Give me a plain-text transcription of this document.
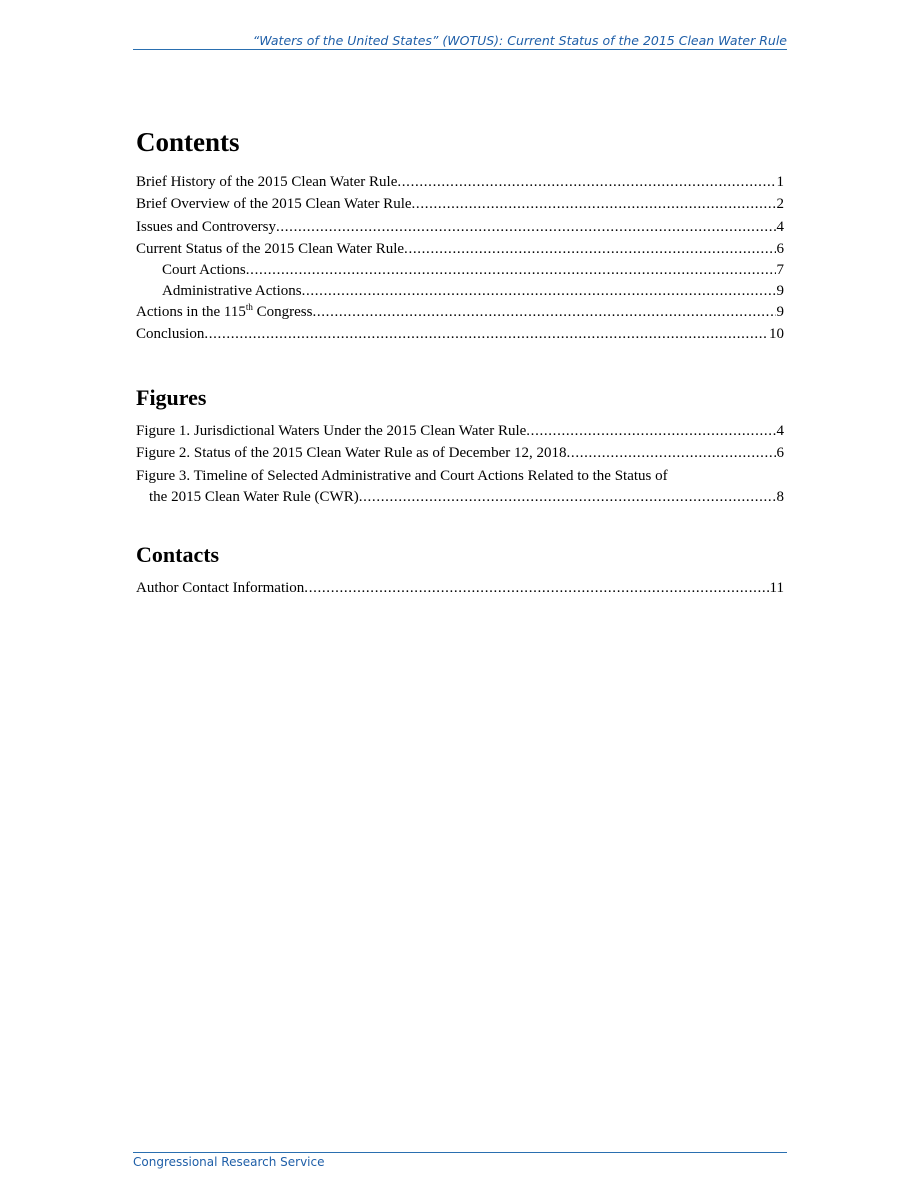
“Waters of the United States” (WOTUS): Current Status of the 2015 Clean Water Rule
Contents
Brief History of the 2015 Clean Water Rule . . .	1
Brief Overview of the 2015 Clean Water Rule . . .	2
Issues and Controversy . . .	4
Current Status of the 2015 Clean Water Rule . . .	6
Court Actions . . .	7
Administrative Actions . . .	9
Actions in the 115th Congress . . .	9
Conclusion . . .	10
Figures
Figure 1. Jurisdictional Waters Under the 2015 Clean Water Rule . . .	4
Figure 2. Status of the 2015 Clean Water Rule as of December 12, 2018 . . .	6
Figure 3. Timeline of Selected Administrative and Court Actions Related to the Status of
the 2015 Clean Water Rule (CWR) . . .	8
Contacts
Author Contact Information . . .	11
Congressional Research Service
